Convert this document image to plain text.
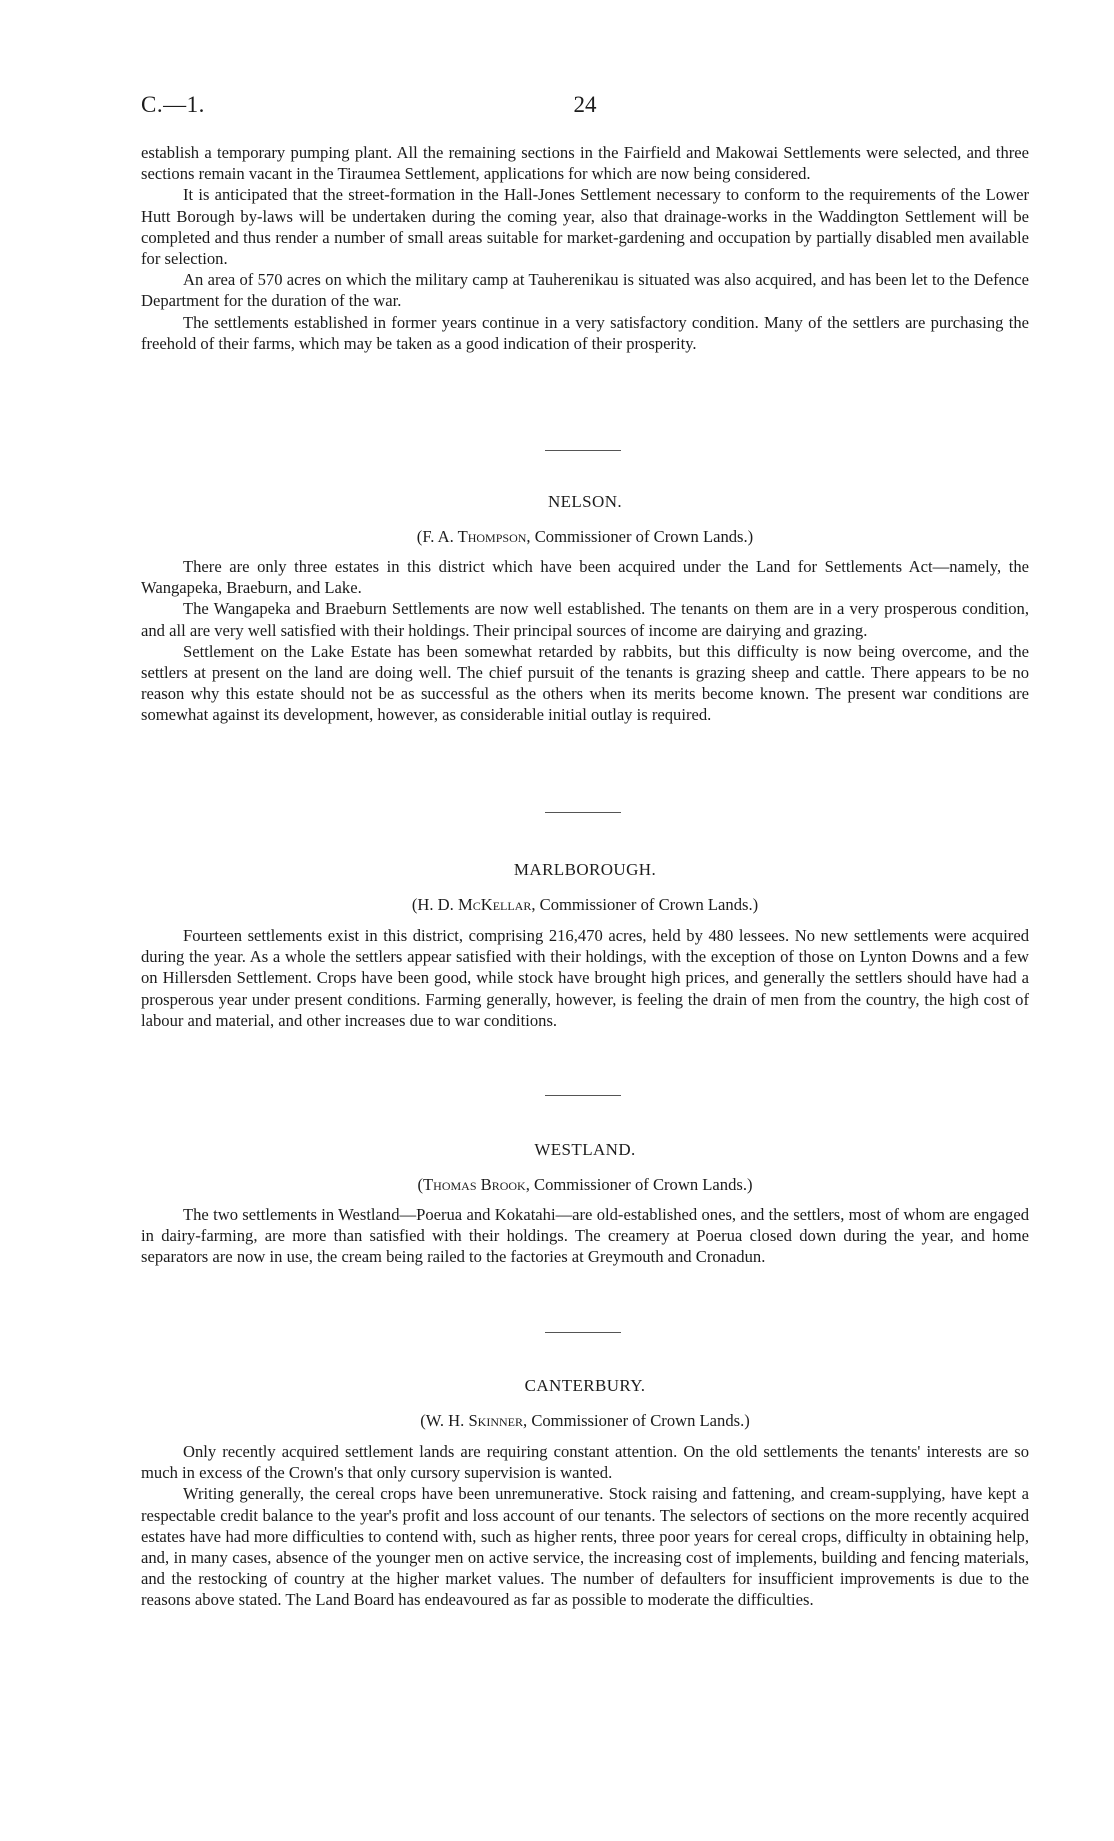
C.—1.	24

establish a temporary pumping plant. All the remaining sections in the Fairfield and Makowai Settlements were selected, and three sections remain vacant in the Tiraumea Settlement, applications for which are now being considered.

It is anticipated that the street-formation in the Hall-Jones Settlement necessary to conform to the requirements of the Lower Hutt Borough by-laws will be undertaken during the coming year, also that drainage-works in the Waddington Settlement will be completed and thus render a number of small areas suitable for market-gardening and occupation by partially disabled men available for selection.

An area of 570 acres on which the military camp at Tauherenikau is situated was also acquired, and has been let to the Defence Department for the duration of the war.

The settlements established in former years continue in a very satisfactory condition. Many of the settlers are purchasing the freehold of their farms, which may be taken as a good indication of their prosperity.

NELSON.
(F. A. Thompson, Commissioner of Crown Lands.)

There are only three estates in this district which have been acquired under the Land for Settlements Act—namely, the Wangapeka, Braeburn, and Lake.

The Wangapeka and Braeburn Settlements are now well established. The tenants on them are in a very prosperous condition, and all are very well satisfied with their holdings. Their principal sources of income are dairying and grazing.

Settlement on the Lake Estate has been somewhat retarded by rabbits, but this difficulty is now being overcome, and the settlers at present on the land are doing well. The chief pursuit of the tenants is grazing sheep and cattle. There appears to be no reason why this estate should not be as successful as the others when its merits become known. The present war conditions are somewhat against its development, however, as considerable initial outlay is required.

MARLBOROUGH.
(H. D. McKellar, Commissioner of Crown Lands.)

Fourteen settlements exist in this district, comprising 216,470 acres, held by 480 lessees. No new settlements were acquired during the year. As a whole the settlers appear satisfied with their holdings, with the exception of those on Lynton Downs and a few on Hillersden Settlement. Crops have been good, while stock have brought high prices, and generally the settlers should have had a prosperous year under present conditions. Farming generally, however, is feeling the drain of men from the country, the high cost of labour and material, and other increases due to war conditions.

WESTLAND.
(Thomas Brook, Commissioner of Crown Lands.)

The two settlements in Westland—Poerua and Kokatahi—are old-established ones, and the settlers, most of whom are engaged in dairy-farming, are more than satisfied with their holdings. The creamery at Poerua closed down during the year, and home separators are now in use, the cream being railed to the factories at Greymouth and Cronadun.

CANTERBURY.
(W. H. Skinner, Commissioner of Crown Lands.)

Only recently acquired settlement lands are requiring constant attention. On the old settlements the tenants' interests are so much in excess of the Crown's that only cursory supervision is wanted.

Writing generally, the cereal crops have been unremunerative. Stock raising and fattening, and cream-supplying, have kept a respectable credit balance to the year's profit and loss account of our tenants. The selectors of sections on the more recently acquired estates have had more difficulties to contend with, such as higher rents, three poor years for cereal crops, difficulty in obtaining help, and, in many cases, absence of the younger men on active service, the increasing cost of implements, building and fencing materials, and the restocking of country at the higher market values. The number of defaulters for insufficient improvements is due to the reasons above stated. The Land Board has endeavoured as far as possible to moderate the difficulties.
